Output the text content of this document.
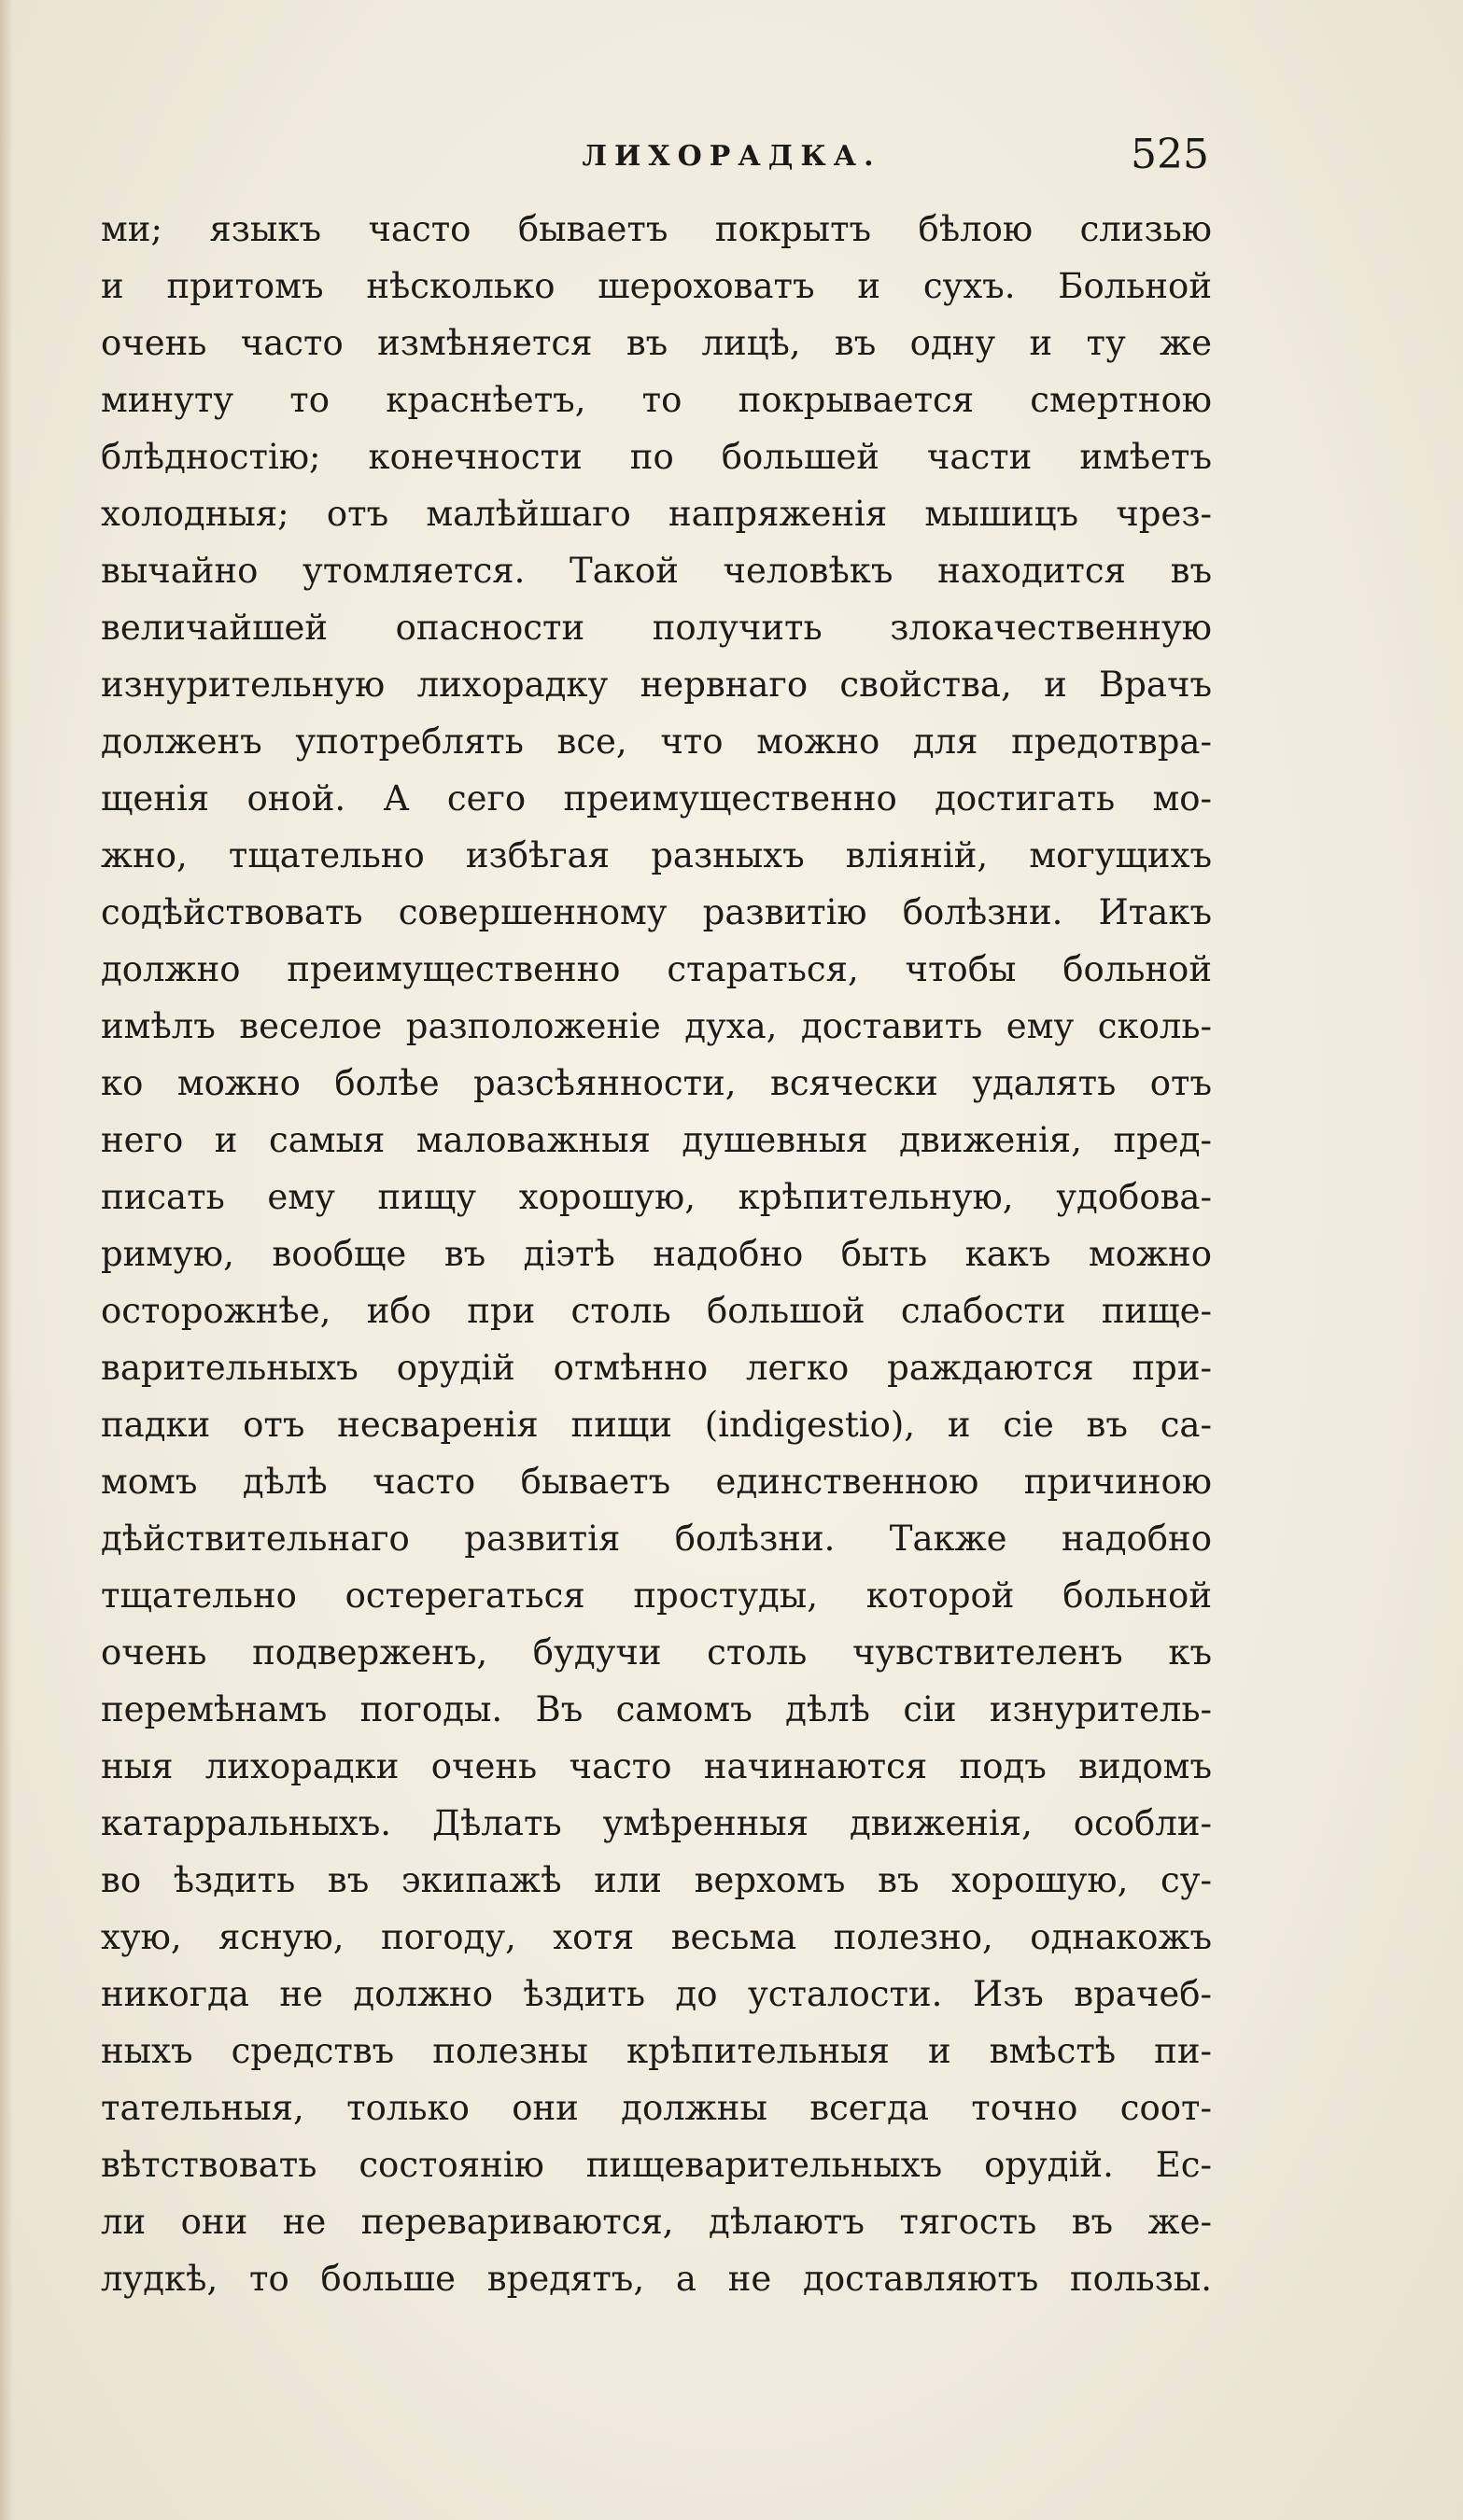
ЛИХОРАДКА.	525
ми; языкъ часто бываетъ покрытъ бѣлою слизью
и притомъ нѣсколько шероховатъ и сухъ. Больной
очень часто измѣняется въ лицѣ, въ одну и ту же
минуту то краснѣетъ, то покрывается смертною
блѣдностію; конечности по большей части имѣетъ
холодныя; отъ малѣйшаго напряженія мышицъ чрез-
вычайно утомляется. Такой человѣкъ находится въ
величайшей опасности получить злокачественную
изнурительную лихорадку нервнаго свойства, и Врачъ
долженъ употреблять все, что можно для предотвра-
щенія оной. А сего преимущественно достигать мо-
жно, тщательно избѣгая разныхъ вліяній, могущихъ
содѣйствовать совершенному развитію болѣзни. Итакъ
должно преимущественно стараться, чтобы больной
имѣлъ веселое разположеніе духа, доставить ему сколь-
ко можно болѣе разсѣянности, всячески удалять отъ
него и самыя маловажныя душевныя движенія, пред-
писать ему пищу хорошую, крѣпительную, удобова-
римую, вообще въ діэтѣ надобно быть какъ можно
осторожнѣе, ибо при столь большой слабости пище-
варительныхъ орудій отмѣнно легко раждаются при-
падки отъ несваренія пищи (indigestio), и сіе въ са-
момъ дѣлѣ часто бываетъ единственною причиною
дѣйствительнаго развитія болѣзни. Также надобно
тщательно остерегаться простуды, которой больной
очень подверженъ, будучи столь чувствителенъ къ
перемѣнамъ погоды. Въ самомъ дѣлѣ сіи изнуритель-
ныя лихорадки очень часто начинаются подъ видомъ
катарральныхъ. Дѣлать умѣренныя движенія, особли-
во ѣздить въ экипажѣ или верхомъ въ хорошую, су-
хую, ясную, погоду, хотя весьма полезно, однакожъ
никогда не должно ѣздить до усталости. Изъ врачеб-
ныхъ средствъ полезны крѣпительныя и вмѣстѣ пи-
тательныя, только они должны всегда точно соот-
вѣтствовать состоянію пищеварительныхъ орудій. Ес-
ли они не перевариваются, дѣлаютъ тягость въ же-
лудкѣ, то больше вредятъ, а не доставляютъ пользы.
